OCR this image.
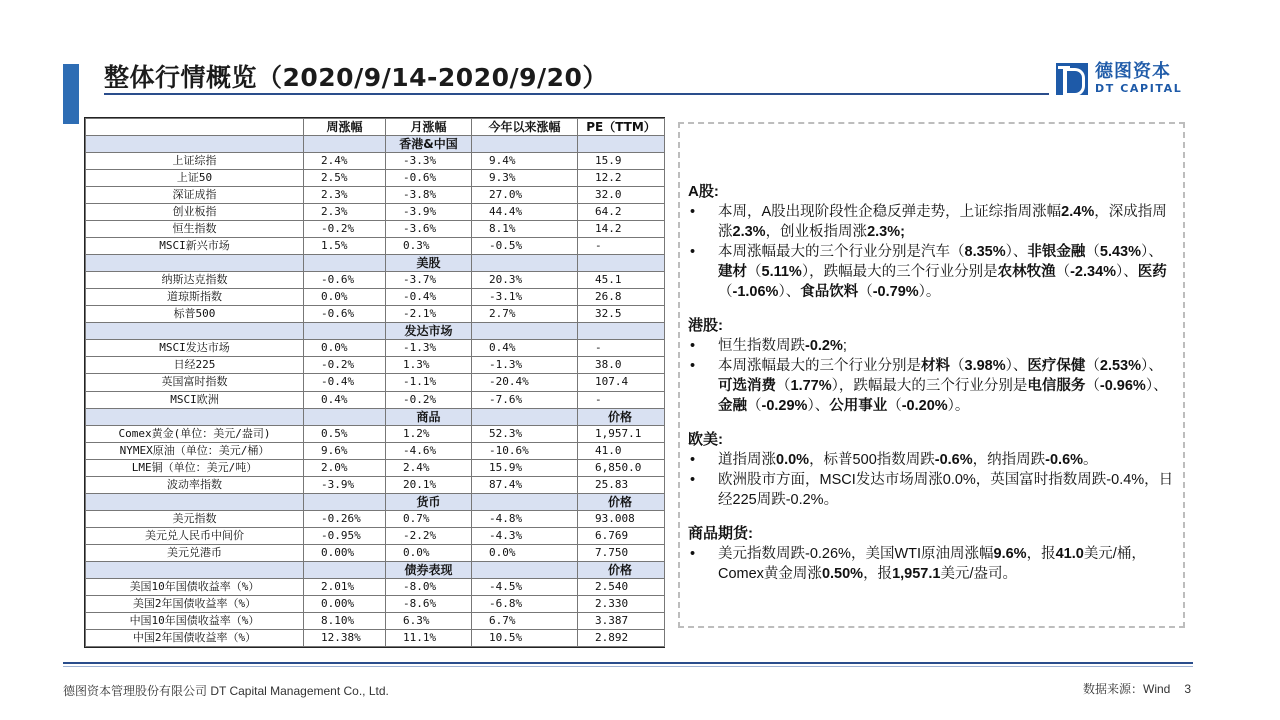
整体行情概览（2020/9/14-2020/9/20）	德图资本
DT CAPITAL
	周涨幅	月涨幅	今年以来涨幅	PE（TTM）
		香港&中国		
上证综指	2.4%	-3.3%	9.4%	15.9
上证50	2.5%	-0.6%	9.3%	12.2
深证成指	2.3%	-3.8%	27.0%	32.0
创业板指	2.3%	-3.9%	44.4%	64.2
恒生指数	-0.2%	-3.6%	8.1%	14.2
MSCI新兴市场	1.5%	0.3%	-0.5%	-
		美股		
纳斯达克指数	-0.6%	-3.7%	20.3%	45.1
道琼斯指数	0.0%	-0.4%	-3.1%	26.8
标普500	-0.6%	-2.1%	2.7%	32.5
		发达市场		
MSCI发达市场	0.0%	-1.3%	0.4%	-
日经225	-0.2%	1.3%	-1.3%	38.0
英国富时指数	-0.4%	-1.1%	-20.4%	107.4
MSCI欧洲	0.4%	-0.2%	-7.6%	-
		商品		价格
Comex黄金(单位：美元/盎司)	0.5%	1.2%	52.3%	1,957.1
NYMEX原油（单位：美元/桶）	9.6%	-4.6%	-10.6%	41.0
LME铜（单位：美元/吨）	2.0%	2.4%	15.9%	6,850.0
波动率指数	-3.9%	20.1%	87.4%	25.83
		货币		价格
美元指数	-0.26%	0.7%	-4.8%	93.008
美元兑人民币中间价	-0.95%	-2.2%	-4.3%	6.769
美元兑港币	0.00%	0.0%	0.0%	7.750
		债券表现		价格
美国10年国债收益率（%）	2.01%	-8.0%	-4.5%	2.540
美国2年国债收益率（%）	0.00%	-8.6%	-6.8%	2.330
中国10年国债收益率（%）	8.10%	6.3%	6.7%	3.387
中国2年国债收益率（%）	12.38%	11.1%	10.5%	2.892
A股:
• 本周，A股出现阶段性企稳反弹走势，上证综指周涨幅2.4%，深成指周涨2.3%，创业板指周涨2.3%;
• 本周涨幅最大的三个行业分别是汽车（8.35%）、非银金融（5.43%）、建材（5.11%），跌幅最大的三个行业分别是农林牧渔（-2.34%）、医药（-1.06%）、食品饮料（-0.79%）。
港股:
• 恒生指数周跌-0.2%;
• 本周涨幅最大的三个行业分别是材料（3.98%）、医疗保健（2.53%）、可选消费（1.77%），跌幅最大的三个行业分别是电信服务（-0.96%）、金融（-0.29%）、公用事业（-0.20%）。
欧美:
• 道指周涨0.0%，标普500指数周跌-0.6%，纳指周跌-0.6%。
• 欧洲股市方面，MSCI发达市场周涨0.0%，英国富时指数周跌-0.4%，日经225周跌-0.2%。
商品期货:
• 美元指数周跌-0.26%，美国WTI原油周涨幅9.6%，报41.0美元/桶，Comex黄金周涨0.50%，报1,957.1美元/盎司。
德图资本管理股份有限公司 DT Capital Management Co., Ltd.	数据来源：Wind 3
